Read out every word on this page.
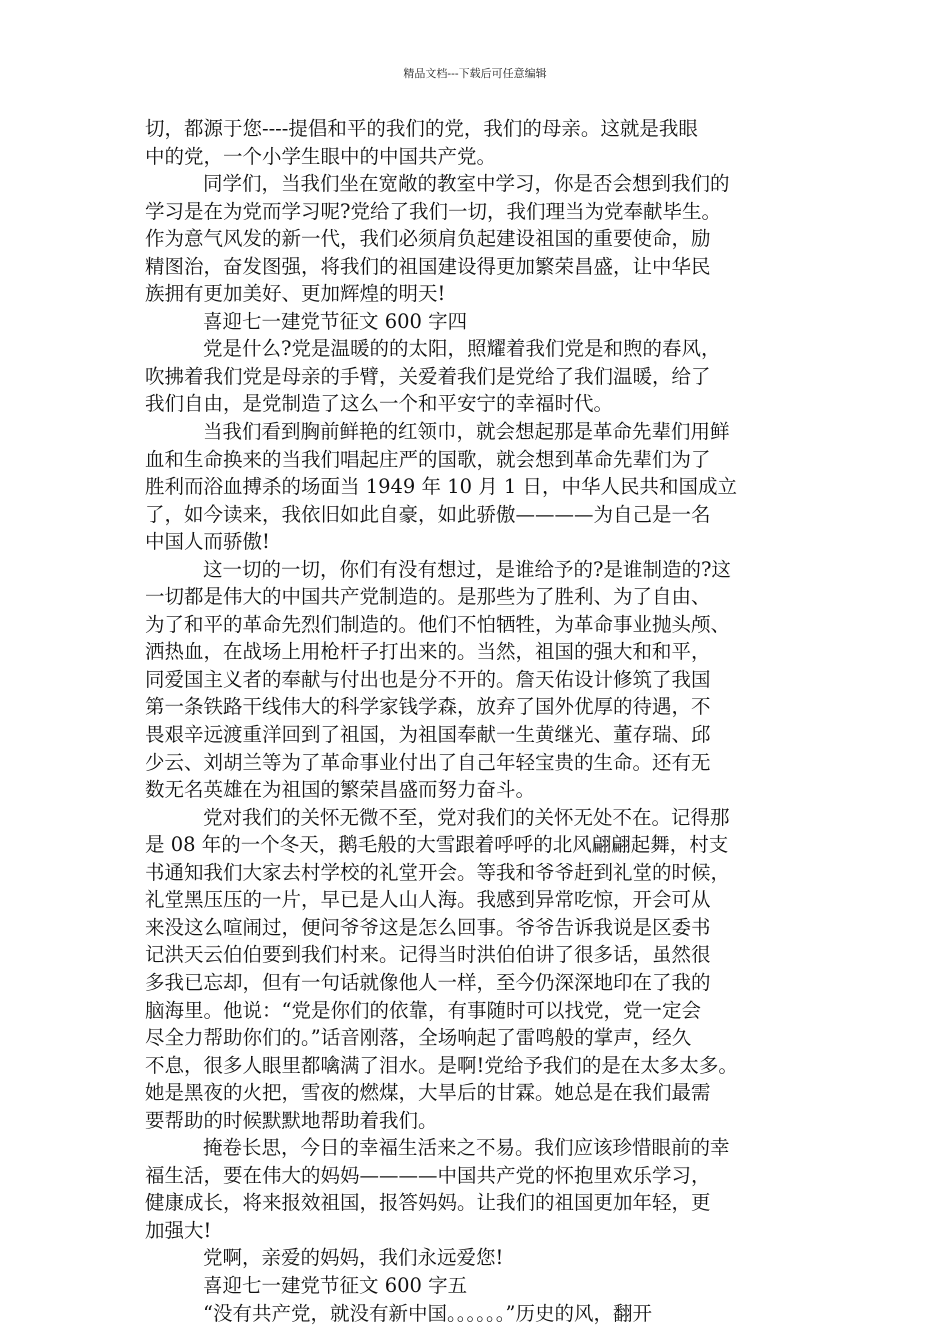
精品文档---下载后可任意编辑
切，都源于您----提倡和平的我们的党，我们的母亲。这就是我眼
中的党，一个小学生眼中的中国共产党。
同学们，当我们坐在宽敞的教室中学习，你是否会想到我们的
学习是在为党而学习呢?党给了我们一切，我们理当为党奉献毕生。
作为意气风发的新一代，我们必须肩负起建设祖国的重要使命，励
精图治，奋发图强，将我们的祖国建设得更加繁荣昌盛，让中华民
族拥有更加美好、更加辉煌的明天!
喜迎七一建党节征文 600 字四
党是什么?党是温暖的的太阳，照耀着我们党是和煦的春风，
吹拂着我们党是母亲的手臂，关爱着我们是党给了我们温暖，给了
我们自由，是党制造了这么一个和平安宁的幸福时代。
当我们看到胸前鲜艳的红领巾，就会想起那是革命先辈们用鲜
血和生命换来的当我们唱起庄严的国歌，就会想到革命先辈们为了
胜利而浴血搏杀的场面当 1949 年 10 月 1 日，中华人民共和国成立
了，如今读来，我依旧如此自豪，如此骄傲————为自己是一名
中国人而骄傲!
这一切的一切，你们有没有想过，是谁给予的?是谁制造的?这
一切都是伟大的中国共产党制造的。是那些为了胜利、为了自由、
为了和平的革命先烈们制造的。他们不怕牺牲，为革命事业抛头颅、
洒热血，在战场上用枪杆子打出来的。当然，祖国的强大和和平，
同爱国主义者的奉献与付出也是分不开的。詹天佑设计修筑了我国
第一条铁路干线伟大的科学家钱学森，放弃了国外优厚的待遇，不
畏艰辛远渡重洋回到了祖国，为祖国奉献一生黄继光、董存瑞、邱
少云、刘胡兰等为了革命事业付出了自己年轻宝贵的生命。还有无
数无名英雄在为祖国的繁荣昌盛而努力奋斗。
党对我们的关怀无微不至，党对我们的关怀无处不在。记得那
是 08 年的一个冬天，鹅毛般的大雪跟着呼呼的北风翩翩起舞，村支
书通知我们大家去村学校的礼堂开会。等我和爷爷赶到礼堂的时候，
礼堂黑压压的一片，早已是人山人海。我感到异常吃惊，开会可从
来没这么喧闹过，便问爷爷这是怎么回事。爷爷告诉我说是区委书
记洪天云伯伯要到我们村来。记得当时洪伯伯讲了很多话，虽然很
多我已忘却，但有一句话就像他人一样，至今仍深深地印在了我的
脑海里。他说：“党是你们的依靠，有事随时可以找党，党一定会
尽全力帮助你们的。”话音刚落，全场响起了雷鸣般的掌声，经久
不息，很多人眼里都噙满了泪水。是啊!党给予我们的是在太多太多。
她是黑夜的火把，雪夜的燃煤，大旱后的甘霖。她总是在我们最需
要帮助的时候默默地帮助着我们。
掩卷长思，今日的幸福生活来之不易。我们应该珍惜眼前的幸
福生活，要在伟大的妈妈————中国共产党的怀抱里欢乐学习，
健康成长，将来报效祖国，报答妈妈。让我们的祖国更加年轻，更
加强大!
党啊，亲爱的妈妈，我们永远爱您!
喜迎七一建党节征文 600 字五
“没有共产党，就没有新中国。。。。。。”历史的风，翻开
